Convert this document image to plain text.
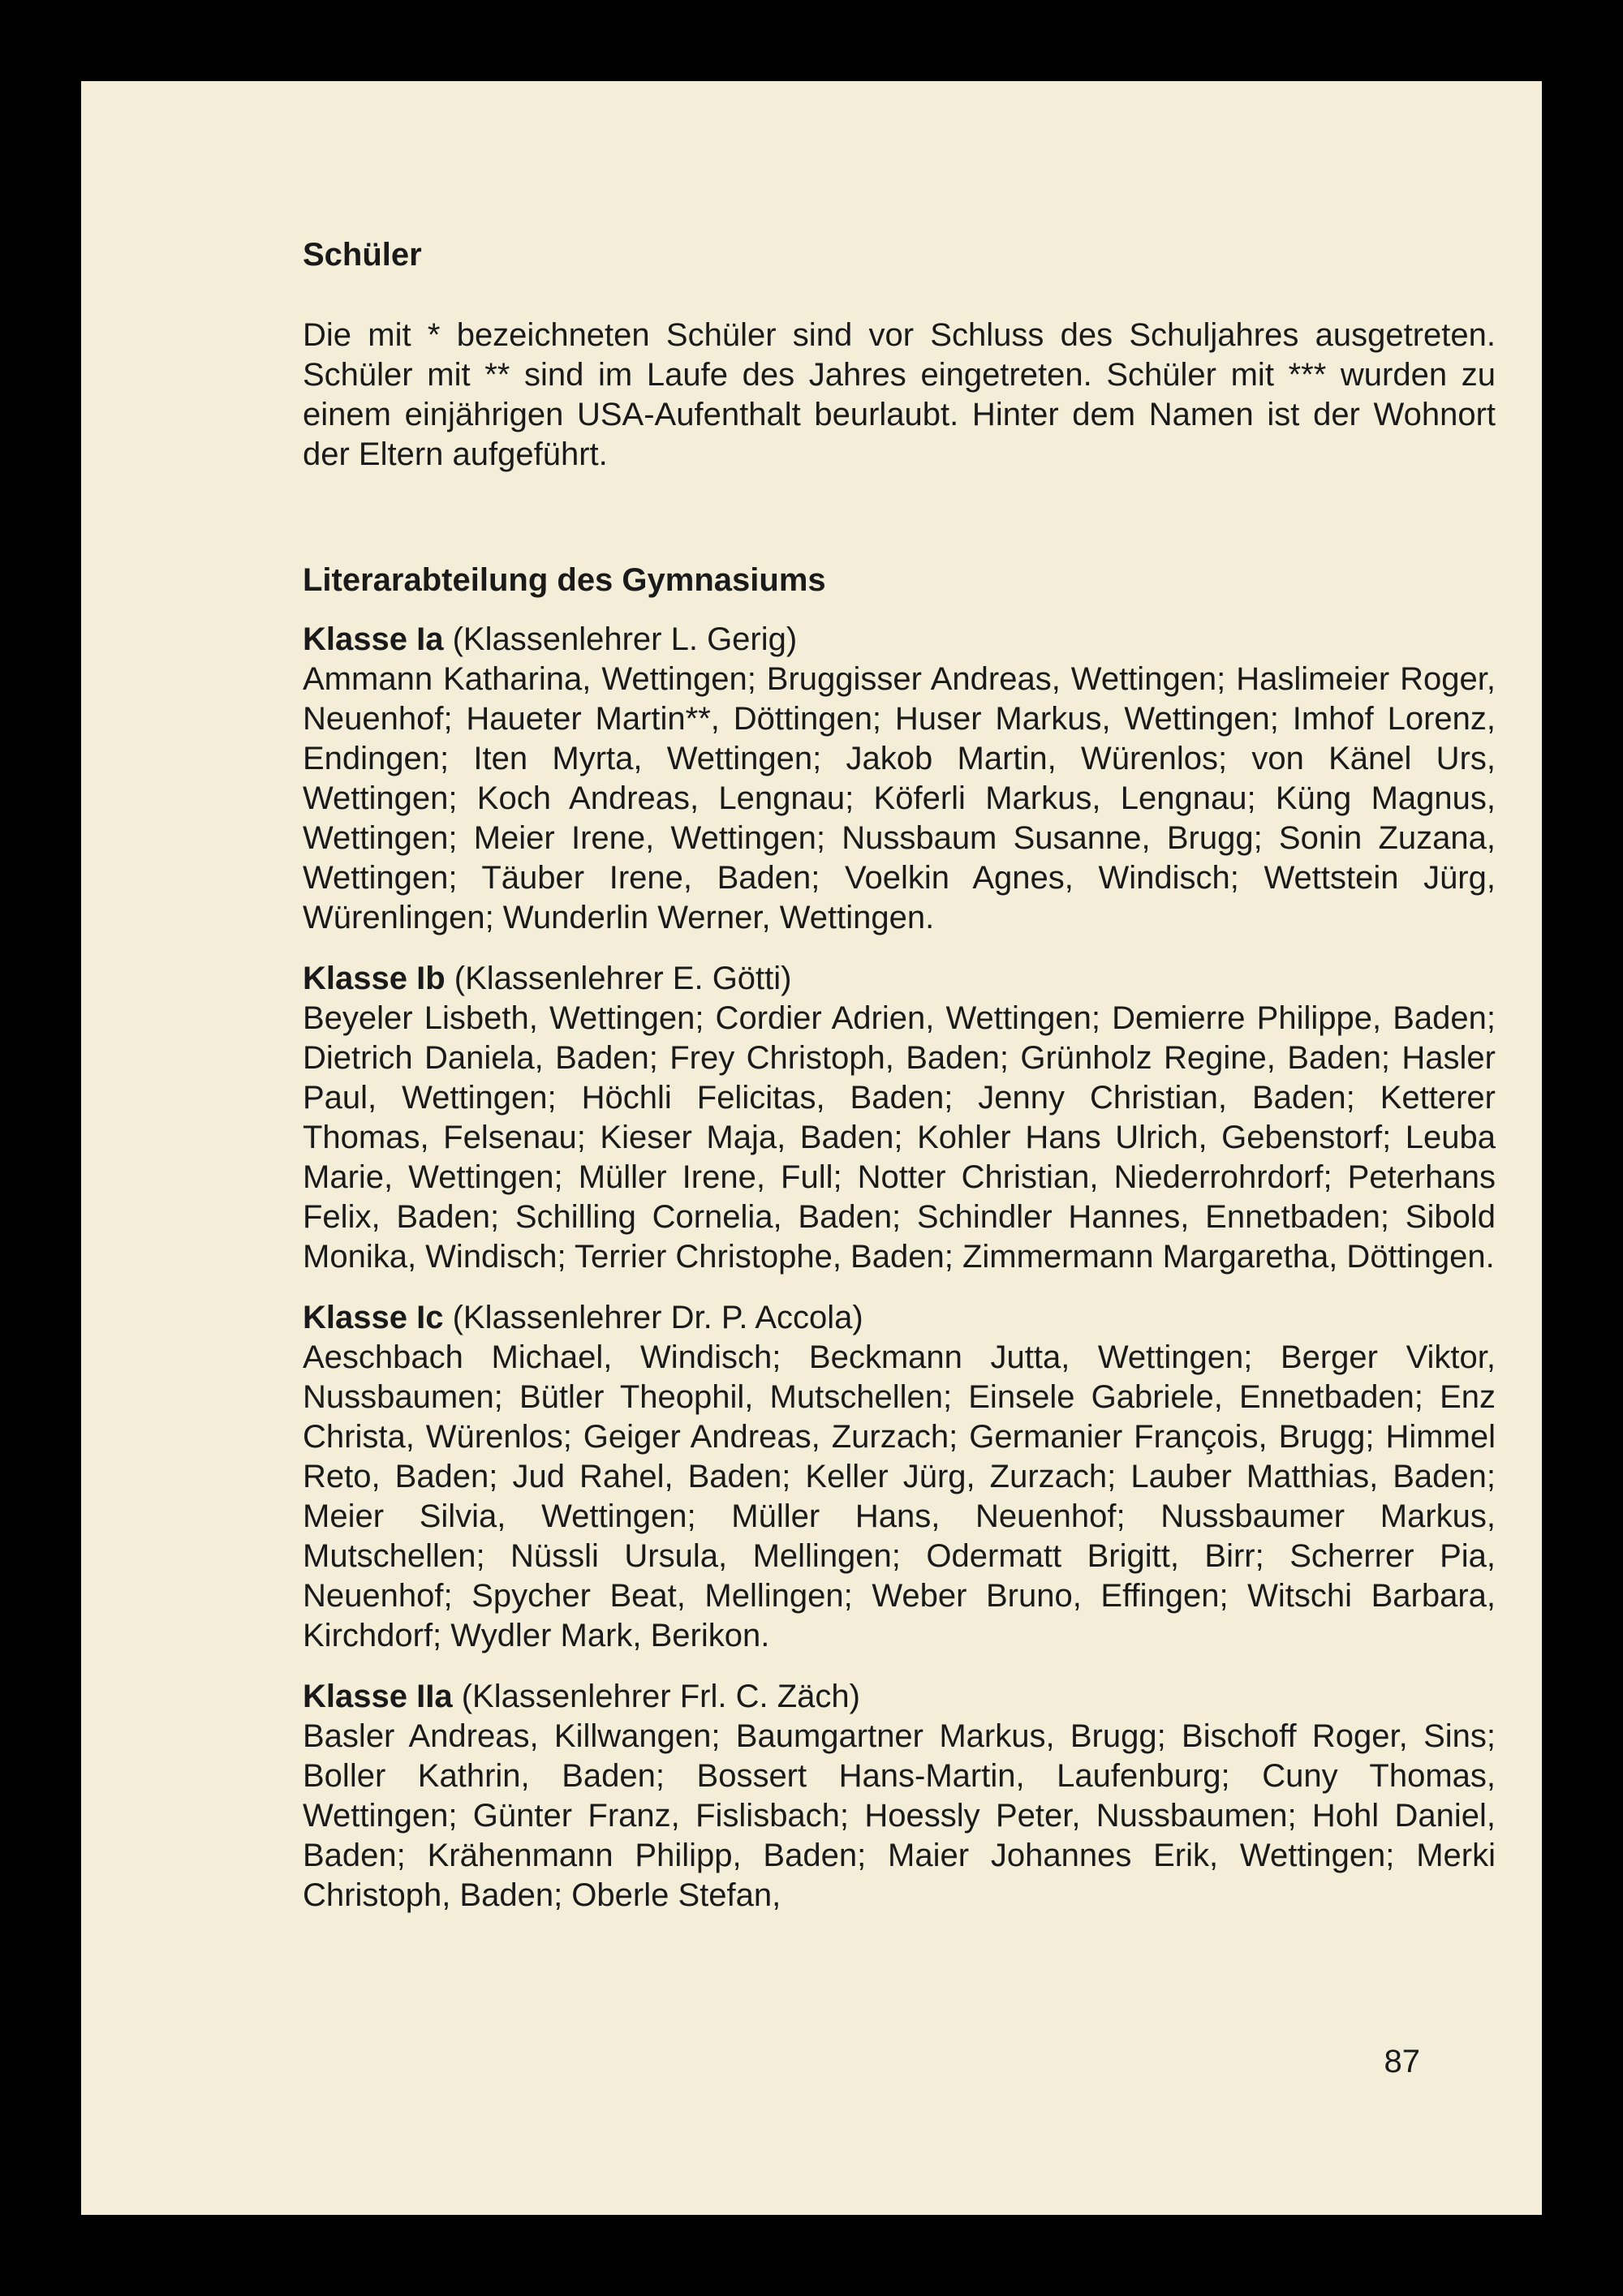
Schüler

Die mit * bezeichneten Schüler sind vor Schluss des Schuljahres ausgetreten. Schüler mit ** sind im Laufe des Jahres eingetreten. Schüler mit *** wurden zu einem einjährigen USA-Aufenthalt beurlaubt. Hinter dem Namen ist der Wohnort der Eltern aufgeführt.

Literarabteilung des Gymnasiums

Klasse Ia (Klassenlehrer L. Gerig)
Ammann Katharina, Wettingen; Bruggisser Andreas, Wettingen; Haslimeier Roger, Neuenhof; Haueter Martin**, Döttingen; Huser Markus, Wettingen; Imhof Lorenz, Endingen; Iten Myrta, Wettingen; Jakob Martin, Würenlos; von Känel Urs, Wettingen; Koch Andreas, Lengnau; Köferli Markus, Lengnau; Küng Magnus, Wettingen; Meier Irene, Wettingen; Nussbaum Susanne, Brugg; Sonin Zuzana, Wettingen; Täuber Irene, Baden; Voelkin Agnes, Windisch; Wettstein Jürg, Würenlingen; Wunderlin Werner, Wettingen.

Klasse Ib (Klassenlehrer E. Götti)
Beyeler Lisbeth, Wettingen; Cordier Adrien, Wettingen; Demierre Philippe, Baden; Dietrich Daniela, Baden; Frey Christoph, Baden; Grünholz Regine, Baden; Hasler Paul, Wettingen; Höchli Felicitas, Baden; Jenny Christian, Baden; Ketterer Thomas, Felsenau; Kieser Maja, Baden; Kohler Hans Ulrich, Gebenstorf; Leuba Marie, Wettingen; Müller Irene, Full; Notter Christian, Niederrohrdorf; Peterhans Felix, Baden; Schilling Cornelia, Baden; Schindler Hannes, Ennetbaden; Sibold Monika, Windisch; Terrier Christophe, Baden; Zimmermann Margaretha, Döttingen.

Klasse Ic (Klassenlehrer Dr. P. Accola)
Aeschbach Michael, Windisch; Beckmann Jutta, Wettingen; Berger Viktor, Nussbaumen; Bütler Theophil, Mutschellen; Einsele Gabriele, Ennetbaden; Enz Christa, Würenlos; Geiger Andreas, Zurzach; Germanier François, Brugg; Himmel Reto, Baden; Jud Rahel, Baden; Keller Jürg, Zurzach; Lauber Matthias, Baden; Meier Silvia, Wettingen; Müller Hans, Neuenhof; Nussbaumer Markus, Mutschellen; Nüssli Ursula, Mellingen; Odermatt Brigitt, Birr; Scherrer Pia, Neuenhof; Spycher Beat, Mellingen; Weber Bruno, Effingen; Witschi Barbara, Kirchdorf; Wydler Mark, Berikon.

Klasse IIa (Klassenlehrer Frl. C. Zäch)
Basler Andreas, Killwangen; Baumgartner Markus, Brugg; Bischoff Roger, Sins; Boller Kathrin, Baden; Bossert Hans-Martin, Laufenburg; Cuny Thomas, Wettingen; Günter Franz, Fislisbach; Hoessly Peter, Nussbaumen; Hohl Daniel, Baden; Krähenmann Philipp, Baden; Maier Johannes Erik, Wettingen; Merki Christoph, Baden; Oberle Stefan,

87
